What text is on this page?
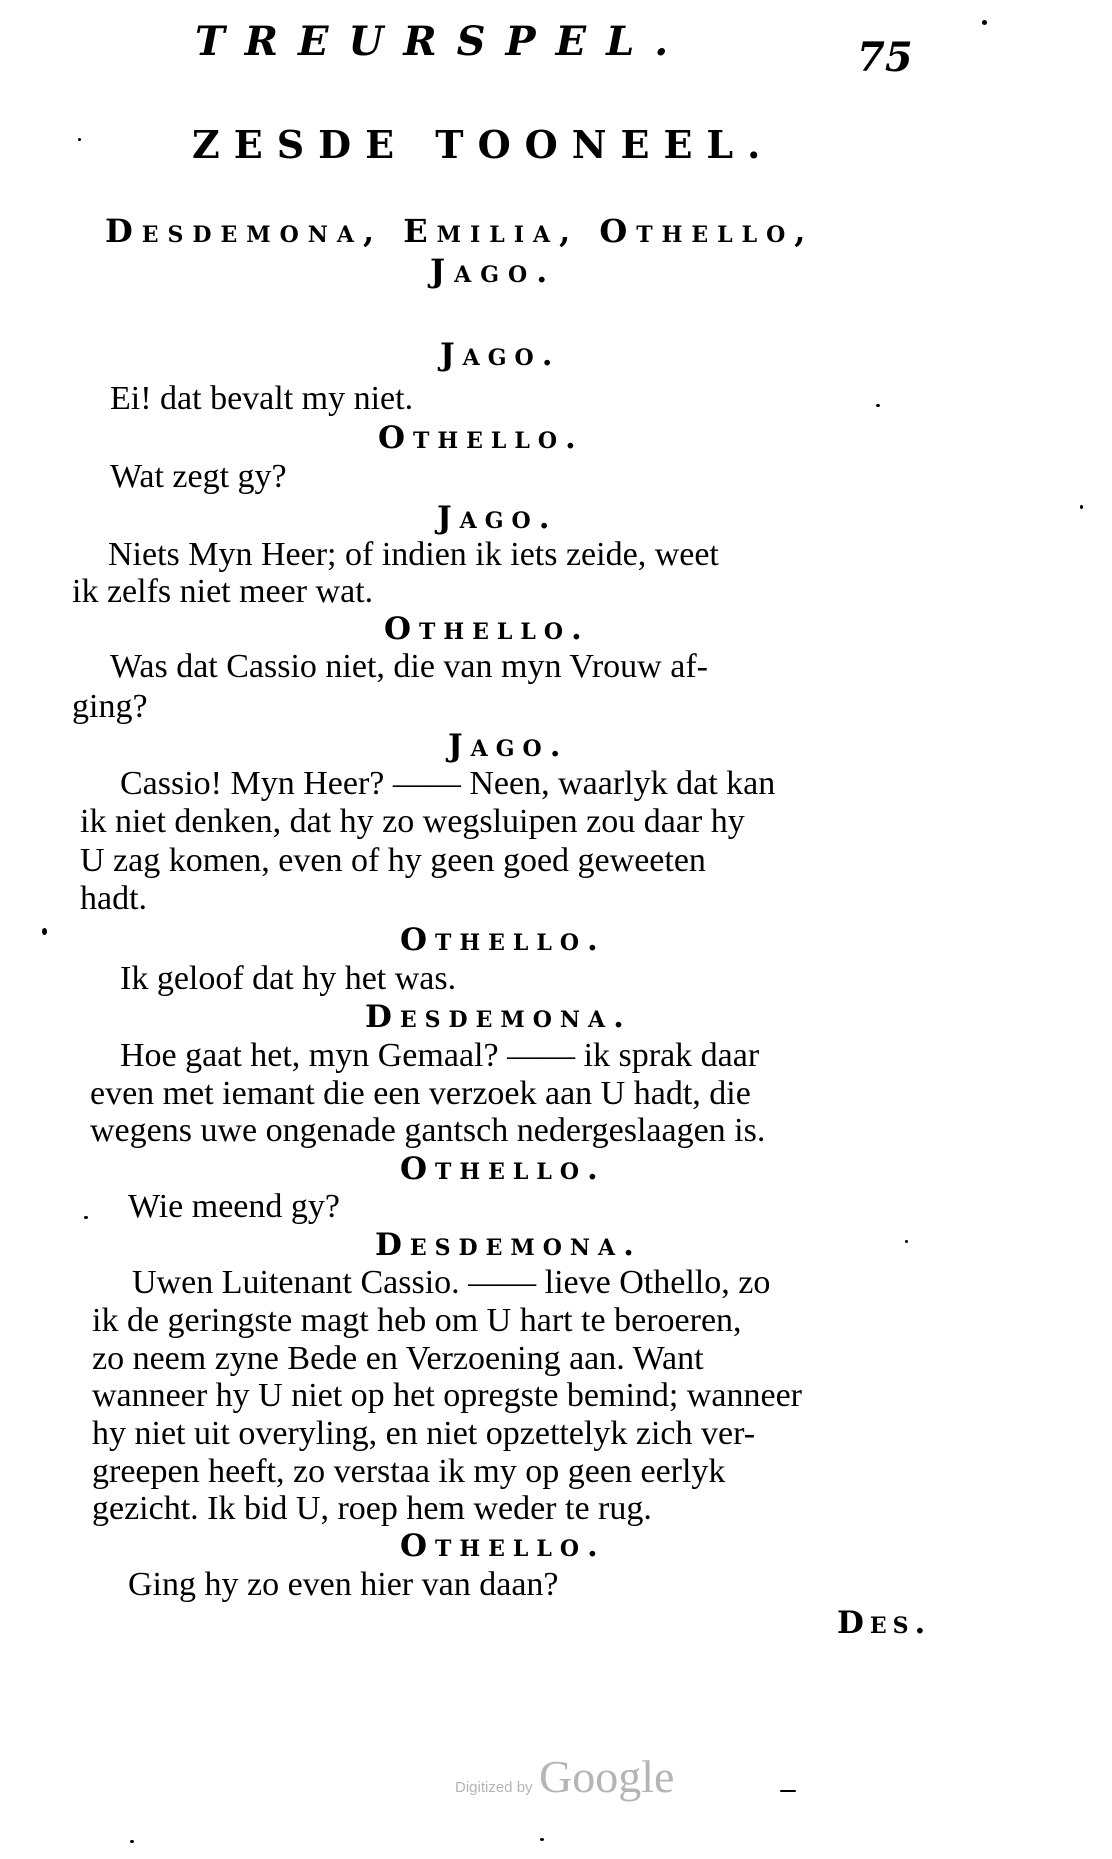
TREURSPEL.	75
ZESDE TOONEEL.
Desdemona, Emilia, Othello,
Jago.
Jago.
Ei! dat bevalt my niet.
Othello.
Wat zegt gy?
Jago.
Niets Myn Heer; of indien ik iets zeide, weet
ik zelfs niet meer wat.
Othello.
Was dat Cassio niet, die van myn Vrouw af-
ging?
Jago.
Cassio! Myn Heer? —— Neen, waarlyk dat kan
ik niet denken, dat hy zo wegsluipen zou daar hy
U zag komen, even of hy geen goed geweeten
hadt.
Othello.
Ik geloof dat hy het was.
Desdemona.
Hoe gaat het, myn Gemaal? —— ik sprak daar
even met iemant die een verzoek aan U hadt, die
wegens uwe ongenade gantsch nedergeslaagen is.
Othello.
Wie meend gy?
Desdemona.
Uwen Luitenant Cassio. —— lieve Othello, zo
ik de geringste magt heb om U hart te beroeren,
zo neem zyne Bede en Verzoening aan. Want
wanneer hy U niet op het opregste bemind; wanneer
hy niet uit overyling, en niet opzettelyk zich ver-
greepen heeft, zo verstaa ik my op geen eerlyk
gezicht. Ik bid U, roep hem weder te rug.
Othello.
Ging hy zo even hier van daan?
Des.
Digitized by Google
